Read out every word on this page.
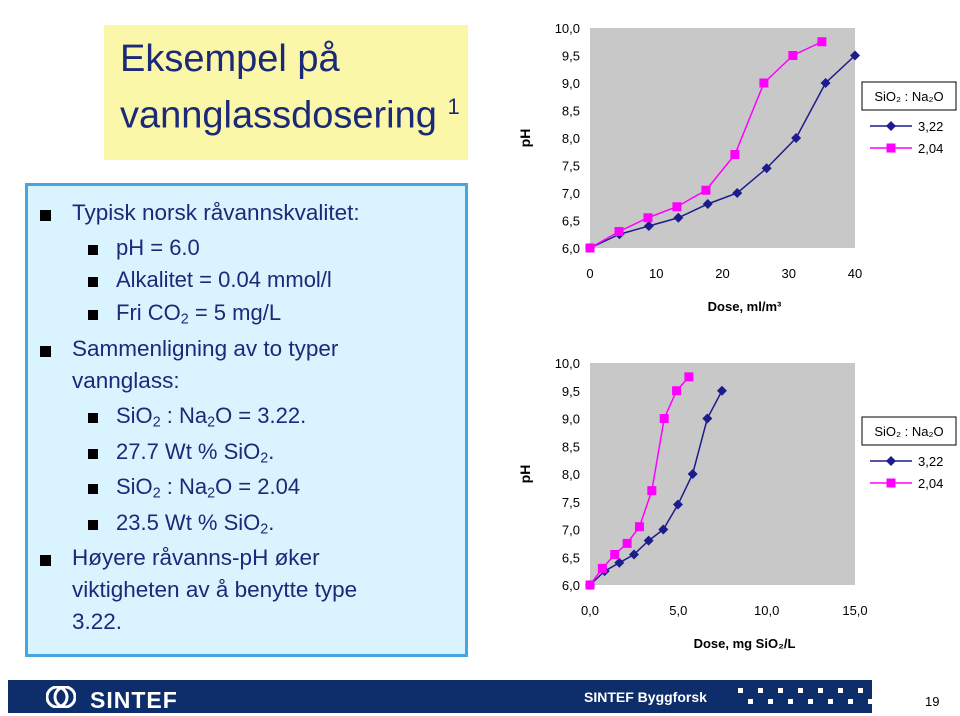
Eksempel på
vannglassdosering $^1$
Typisk norsk råvannskvalitet:
pH = 6.0
Alkalitet = 0.04 mmol/l
Fri $CO_2 = 5$ mg/L
Sammenligning av to typer
vannglass:
SiO$_2$ : $Na_2O = 3.22$.
27.7 Wt % SiO$_2$.
SiO$_2$ : $Na_2O = 2.04$
23.5 Wt % SiO$_2$.
Høyere råvanns-pH øker
viktigheten av å benytte type
3.22.
6,0
6,5
7,0
7,5
8,0
8,5
9,0
9,5
10,0
0	10	20	30	40
pH
Dose, ml/m³
SiO₂ : Na₂O
3,22
2,04
6,0
6,5
7,0
7,5
8,0
8,5
9,0
9,5
10,0
0,0	5,0	10,0	15,0
pH
Dose, mg SiO₂/L
SiO₂ : Na₂O
3,22
2,04
SINTEF	SINTEF Byggforsk	19
